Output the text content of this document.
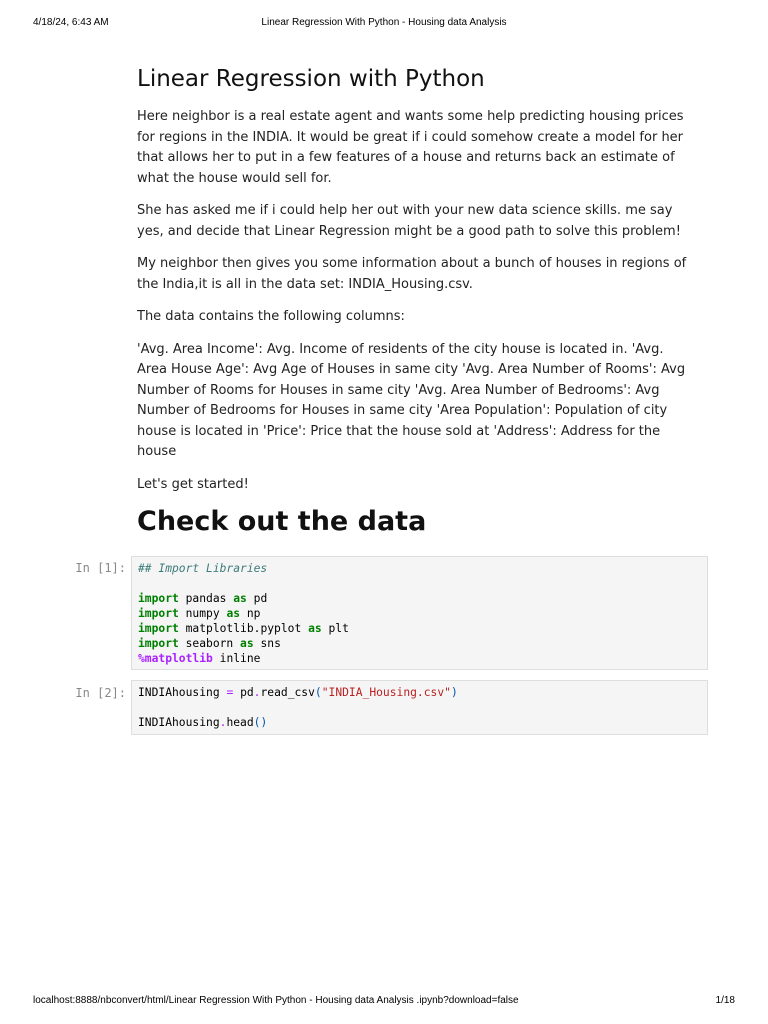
4/18/24, 6:43 AM	Linear Regression With Python - Housing data Analysis
Linear Regression with Python

Here neighbor is a real estate agent and wants some help predicting housing prices for regions in the INDIA. It would be great if i could somehow create a model for her that allows her to put in a few features of a house and returns back an estimate of what the house would sell for.

She has asked me if i could help her out with your new data science skills. me say yes, and decide that Linear Regression might be a good path to solve this problem!

My neighbor then gives you some information about a bunch of houses in regions of the India,it is all in the data set: INDIA_Housing.csv.

The data contains the following columns:

'Avg. Area Income': Avg. Income of residents of the city house is located in. 'Avg. Area House Age': Avg Age of Houses in same city 'Avg. Area Number of Rooms': Avg Number of Rooms for Houses in same city 'Avg. Area Number of Bedrooms': Avg Number of Bedrooms for Houses in same city 'Area Population': Population of city house is located in 'Price': Price that the house sold at 'Address': Address for the house

Let's get started!

Check out the data
In [1]: ## Import Libraries
import pandas as pd
import numpy as np
import matplotlib.pyplot as plt
import seaborn as sns
%matplotlib inline
In [2]: INDIAhousing = pd.read_csv("INDIA_Housing.csv")
INDIAhousing.head()
localhost:8888/nbconvert/html/Linear Regression With Python - Housing data Analysis .ipynb?download=false	1/18
